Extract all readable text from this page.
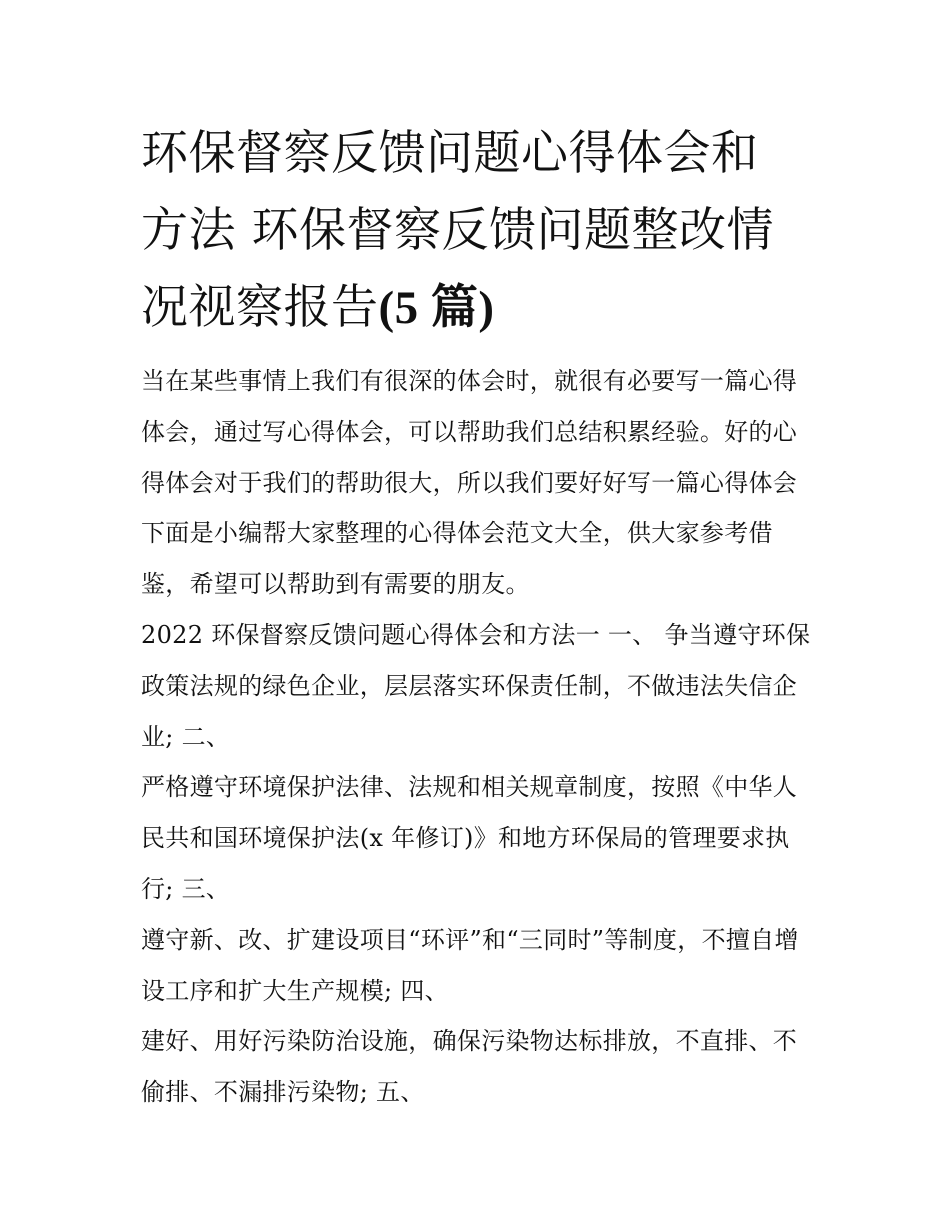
环保督察反馈问题心得体会和
方法 环保督察反馈问题整改情
况视察报告(5 篇)
当在某些事情上我们有很深的体会时，就很有必要写一篇心得
体会，通过写心得体会，可以帮助我们总结积累经验。好的心
得体会对于我们的帮助很大，所以我们要好好写一篇心得体会
下面是小编帮大家整理的心得体会范文大全，供大家参考借
鉴，希望可以帮助到有需要的朋友。
2022 环保督察反馈问题心得体会和方法一 一、 争当遵守环保
政策法规的绿色企业，层层落实环保责任制，不做违法失信企
业; 二、
严格遵守环境保护法律、法规和相关规章制度，按照《中华人
民共和国环境保护法(x 年修订)》和地方环保局的管理要求执
行; 三、
遵守新、改、扩建设项目“环评”和“三同时”等制度，不擅自增
设工序和扩大生产规模; 四、
建好、用好污染防治设施，确保污染物达标排放，不直排、不
偷排、不漏排污染物; 五、
